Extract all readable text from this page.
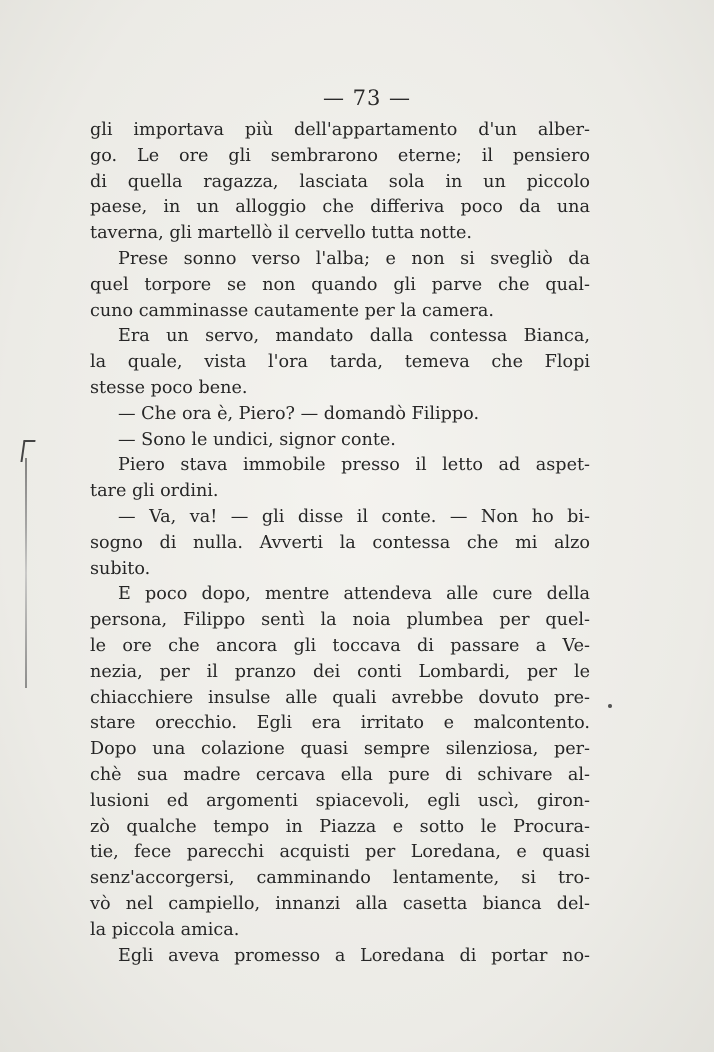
— 73 —
gli importava più dell'appartamento d'un alber-
go. Le ore gli sembrarono eterne; il pensiero
di quella ragazza, lasciata sola in un piccolo
paese, in un alloggio che differiva poco da una
taverna, gli martellò il cervello tutta notte.
Prese sonno verso l'alba; e non si svegliò da
quel torpore se non quando gli parve che qual-
cuno camminasse cautamente per la camera.
Era un servo, mandato dalla contessa Bianca,
la quale, vista l'ora tarda, temeva che Flopi
stesse poco bene.
— Che ora è, Piero? — domandò Filippo.
— Sono le undici, signor conte.
Piero stava immobile presso il letto ad aspet-
tare gli ordini.
— Va, va! — gli disse il conte. — Non ho bi-
sogno di nulla. Avverti la contessa che mi alzo
subito.
E poco dopo, mentre attendeva alle cure della
persona, Filippo sentì la noia plumbea per quel-
le ore che ancora gli toccava di passare a Ve-
nezia, per il pranzo dei conti Lombardi, per le
chiacchiere insulse alle quali avrebbe dovuto pre-
stare orecchio. Egli era irritato e malcontento.
Dopo una colazione quasi sempre silenziosa, per-
chè sua madre cercava ella pure di schivare al-
lusioni ed argomenti spiacevoli, egli uscì, giron-
zò qualche tempo in Piazza e sotto le Procura-
tie, fece parecchi acquisti per Loredana, e quasi
senz'accorgersi, camminando lentamente, si tro-
vò nel campiello, innanzi alla casetta bianca del-
la piccola amica.
Egli aveva promesso a Loredana di portar no-
